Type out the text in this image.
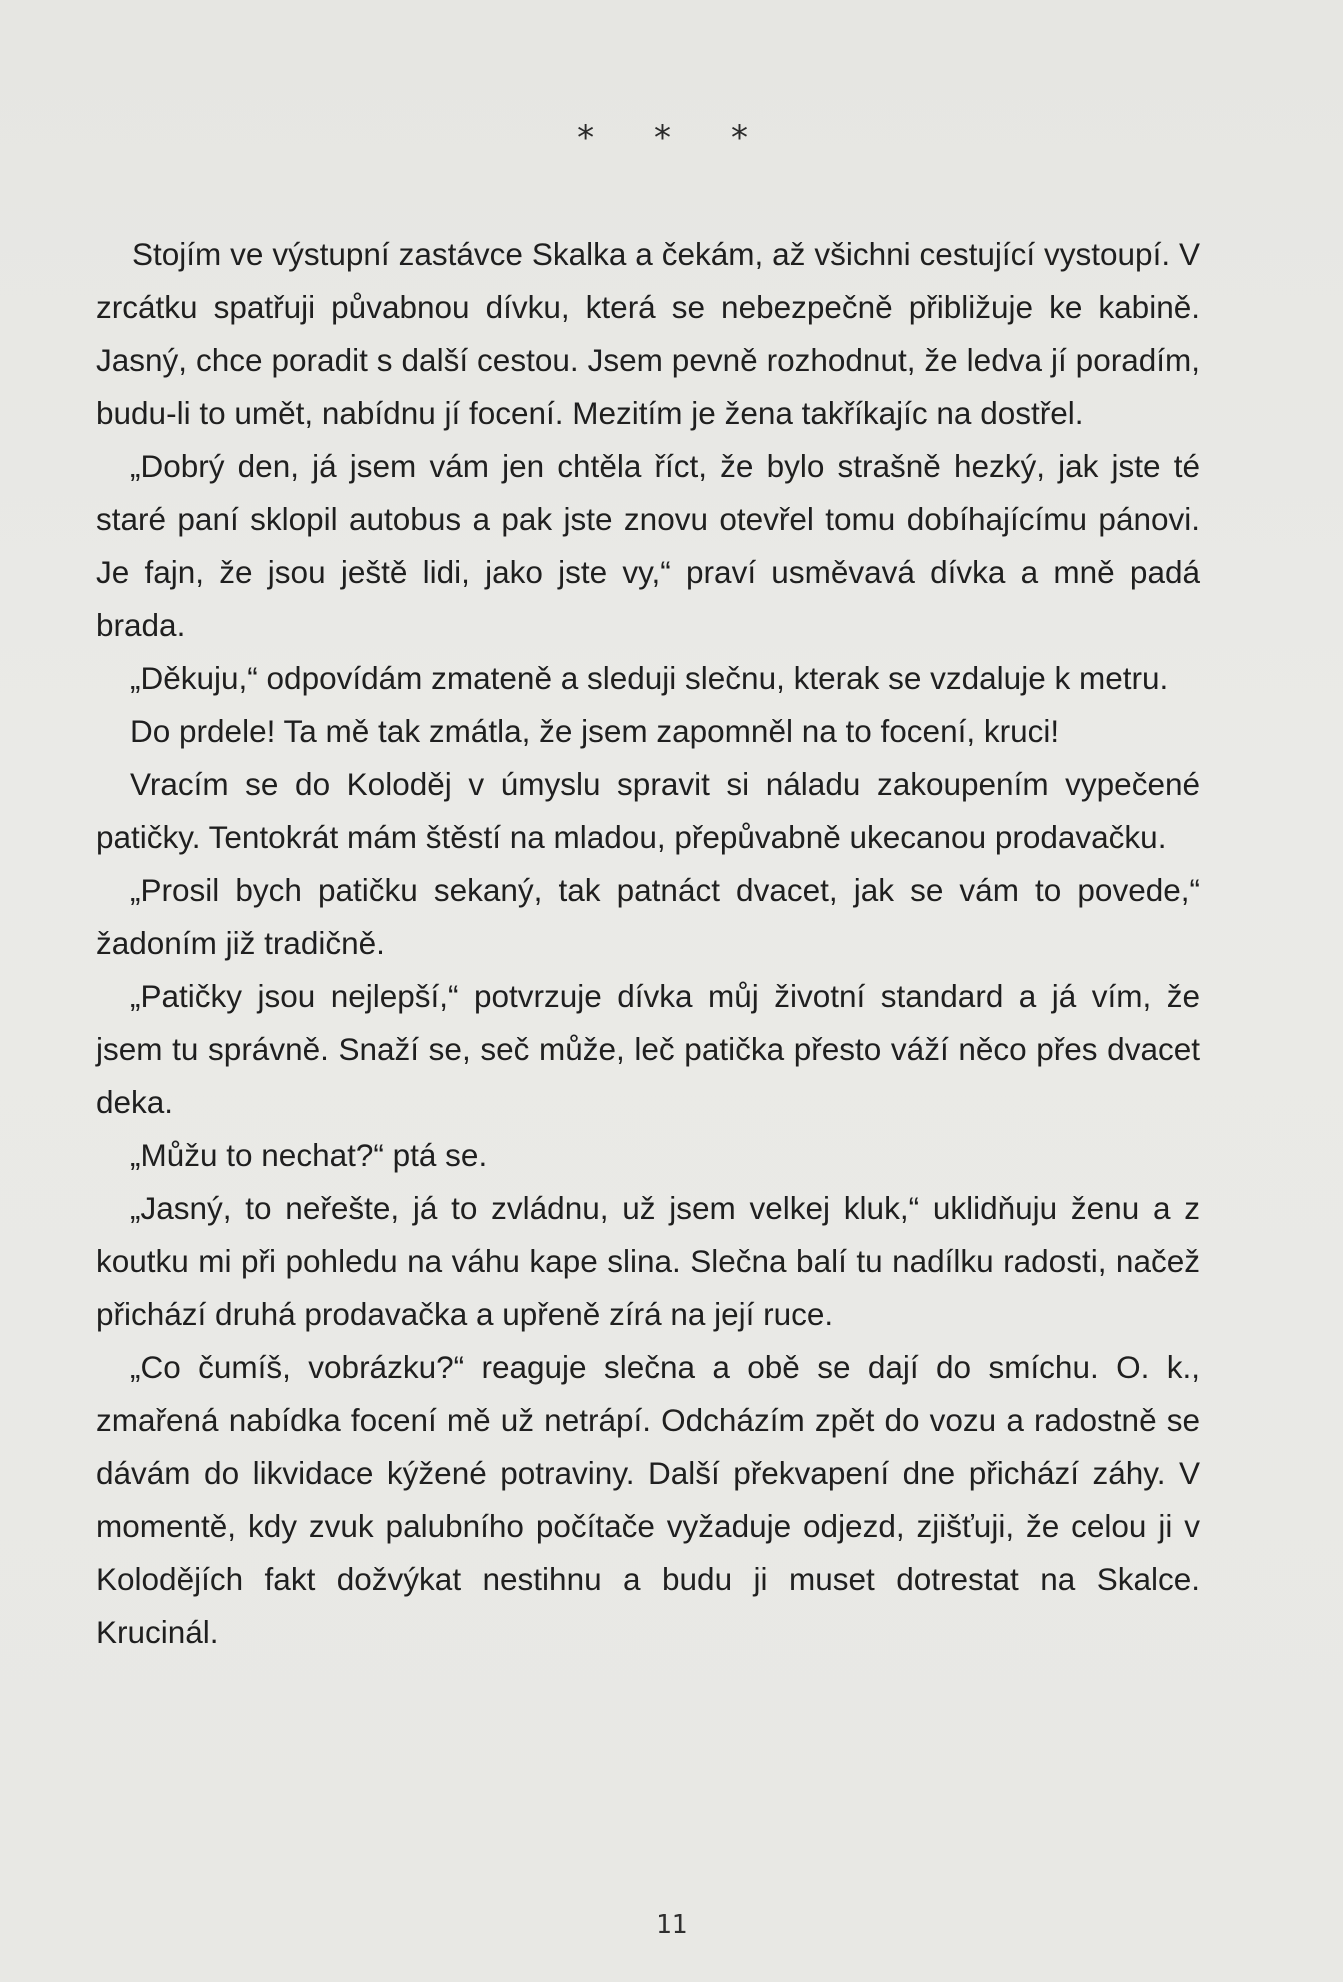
* * *

Stojím ve výstupní zastávce Skalka a čekám, až všichni cestující vystoupí. V zrcátku spatřuji půvabnou dívku, která se nebezpečně přibližuje ke kabině. Jasný, chce poradit s další cestou. Jsem pevně rozhodnut, že ledva jí poradím, budu-li to umět, nabídnu jí focení. Mezitím je žena takříkajíc na dostřel.

„Dobrý den, já jsem vám jen chtěla říct, že bylo strašně hezký, jak jste té staré paní sklopil autobus a pak jste znovu otevřel tomu dobíhajícímu pánovi. Je fajn, že jsou ještě lidi, jako jste vy,“ praví usměvavá dívka a mně padá brada.

„Děkuju,“ odpovídám zmateně a sleduji slečnu, kterak se vzdaluje k metru.

Do prdele! Ta mě tak zmátla, že jsem zapomněl na to focení, kruci!

Vracím se do Koloděj v úmyslu spravit si náladu zakoupením vypečené patičky. Tentokrát mám štěstí na mladou, přepůvabně ukecanou prodavačku.

„Prosil bych patičku sekaný, tak patnáct dvacet, jak se vám to povede,“ žadoním již tradičně.

„Patičky jsou nejlepší,“ potvrzuje dívka můj životní standard a já vím, že jsem tu správně. Snaží se, seč může, leč patička přesto váží něco přes dvacet deka.

„Můžu to nechat?“ ptá se.

„Jasný, to neřešte, já to zvládnu, už jsem velkej kluk,“ uklidňuju ženu a z koutku mi při pohledu na váhu kape slina. Slečna balí tu nadílku radosti, načež přichází druhá prodavačka a upřeně zírá na její ruce.

„Co čumíš, vobrázku?“ reaguje slečna a obě se dají do smíchu. O. k., zmařená nabídka focení mě už netrápí. Odcházím zpět do vozu a radostně se dávám do likvidace kýžené potraviny. Další překvapení dne přichází záhy. V momentě, kdy zvuk palubního počítače vyžaduje odjezd, zjišťuji, že celou ji v Kolodějích fakt dožvýkat nestihnu a budu ji muset dotrestat na Skalce. Krucinál.

11
